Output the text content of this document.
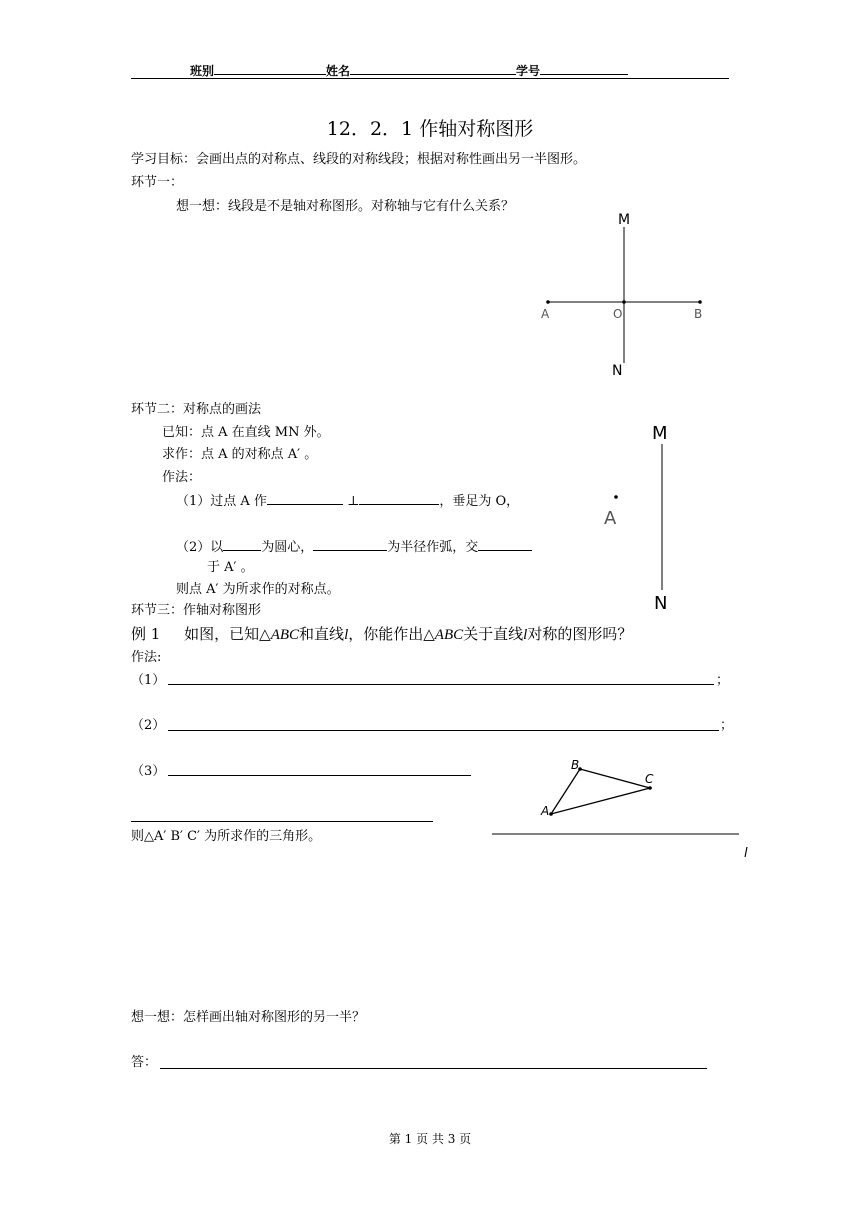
班别	姓名	学号
12．2．1 作轴对称图形
学习目标：会画出点的对称点、线段的对称线段；根据对称性画出另一半图形。
环节一：
想一想：线段是不是轴对称图形。对称轴与它有什么关系？
M
A	O	B
N
环节二：对称点的画法
已知：点 A 在直线 MN 外。
求作：点 A 的对称点 A′ 。
作法：
（1）过点 A 作	⊥	，垂足为 O，
（2）以	为圆心，	为半径作弧，交
于 A′ 。
则点 A′ 为所求作的对称点。
M
A
N
环节三：作轴对称图形
例 1 如图，已知△ABC和直线l，你能作出△ABC关于直线l对称的图形吗？
作法:
（1）	；
（2）	；
（3）
则△A′ B′ C′ 为所求作的三角形。
A
B
C
l
想一想：怎样画出轴对称图形的另一半？
答：
第 1 页 共 3 页
